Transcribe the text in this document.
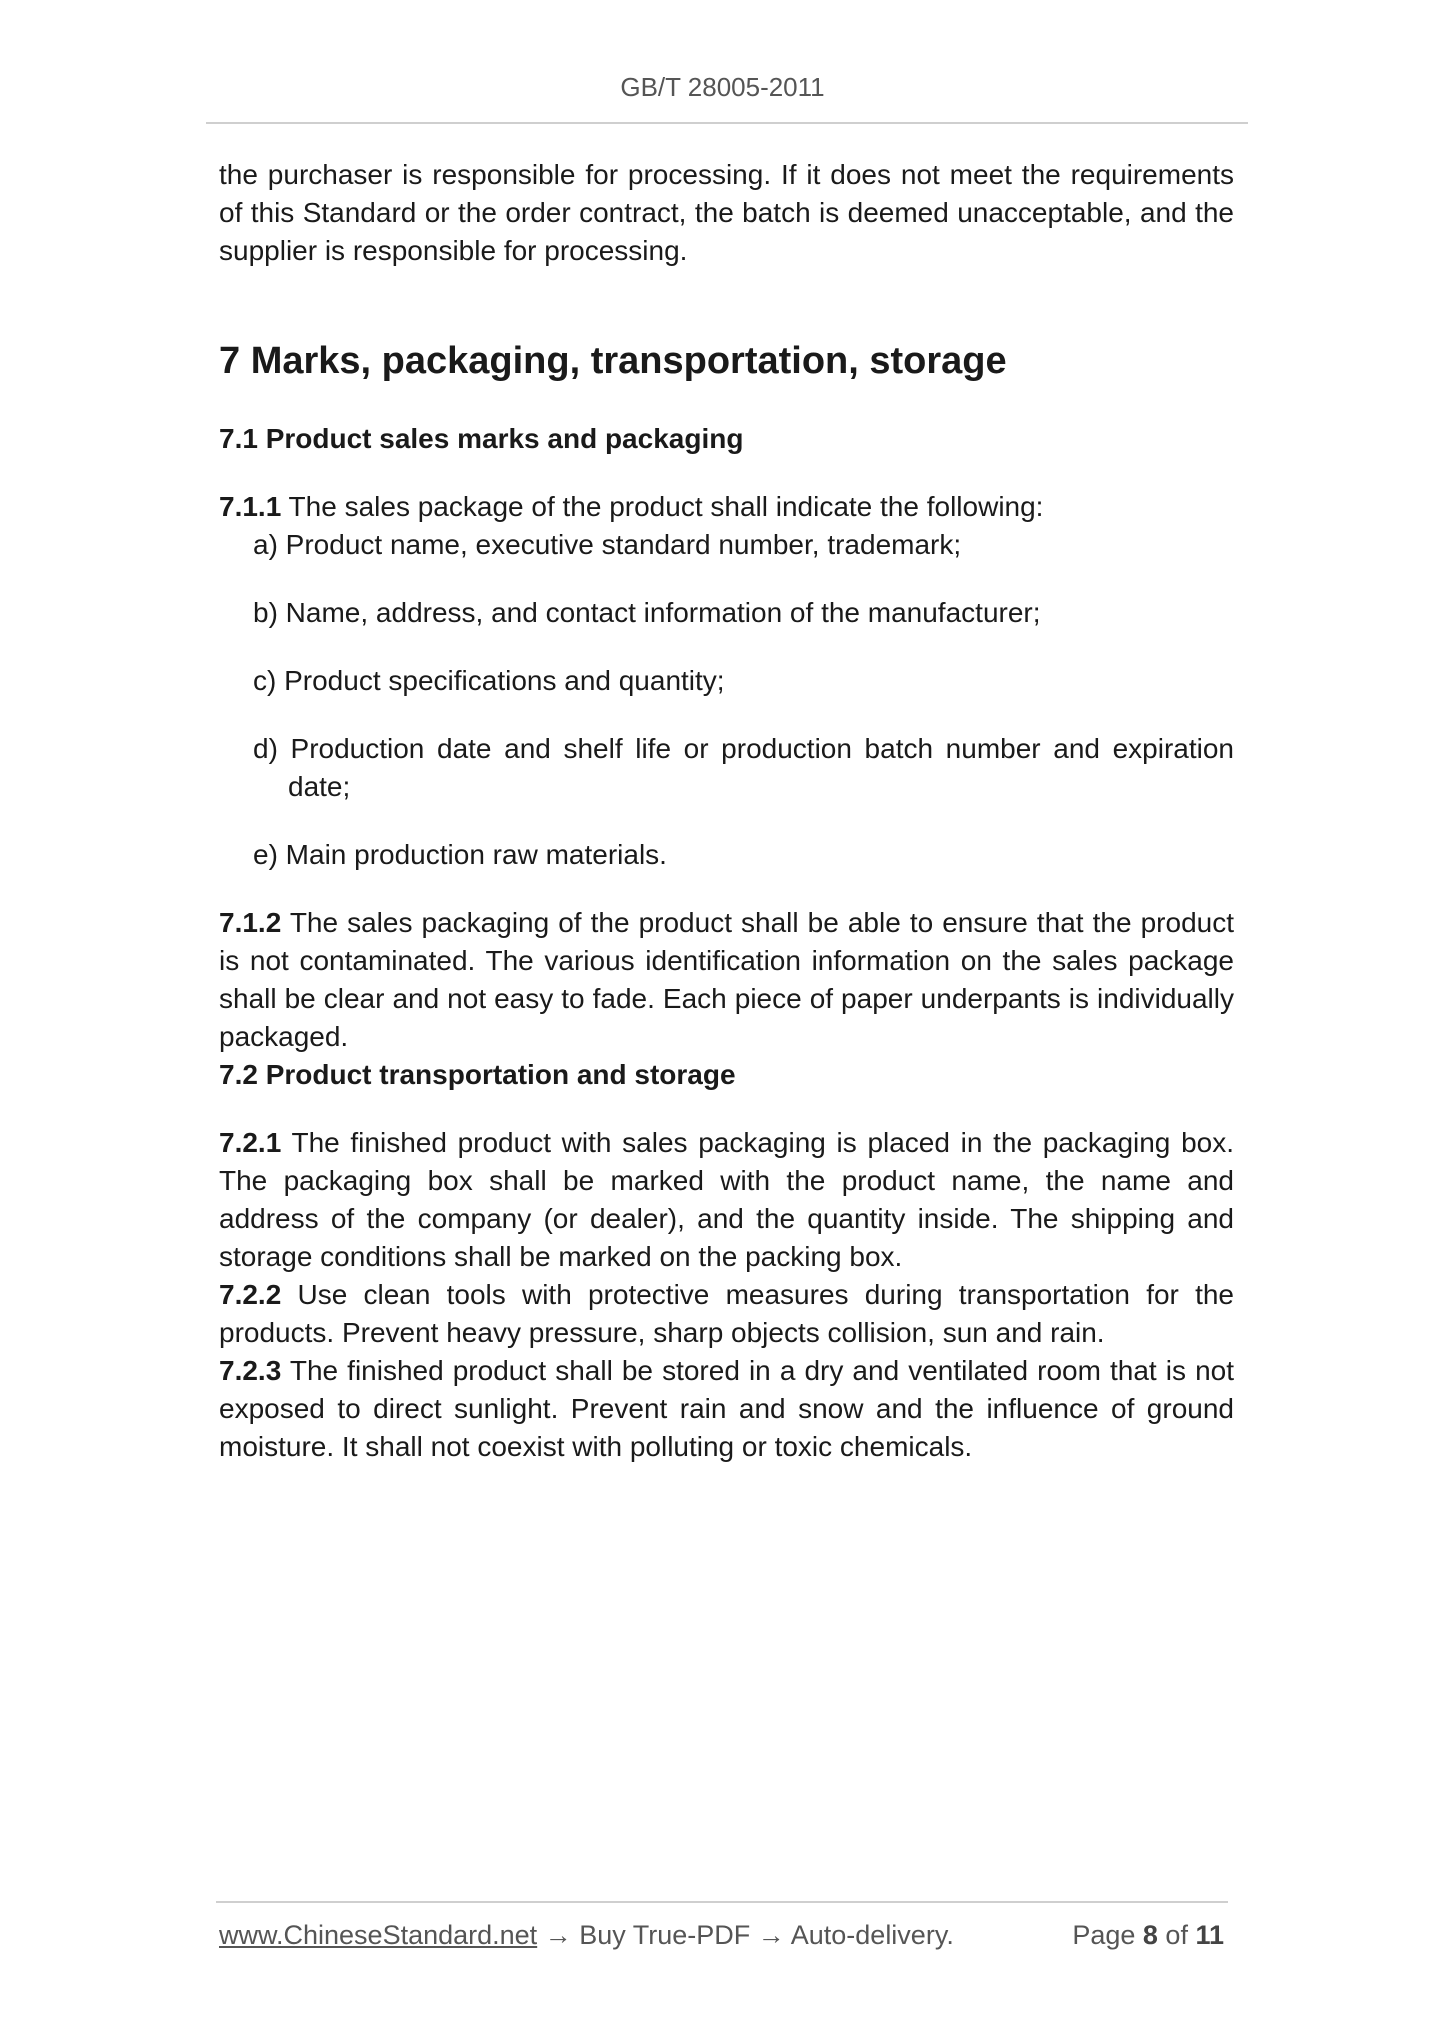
GB/T 28005-2011

the purchaser is responsible for processing. If it does not meet the requirements of this Standard or the order contract, the batch is deemed unacceptable, and the supplier is responsible for processing.

7 Marks, packaging, transportation, storage
7.1 Product sales marks and packaging

7.1.1 The sales package of the product shall indicate the following:

a) Product name, executive standard number, trademark;
b) Name, address, and contact information of the manufacturer;
c) Product specifications and quantity;
d) Production date and shelf life or production batch number and expiration date;
e) Main production raw materials.

7.1.2 The sales packaging of the product shall be able to ensure that the product is not contaminated. The various identification information on the sales package shall be clear and not easy to fade. Each piece of paper underpants is individually packaged.

7.2 Product transportation and storage

7.2.1 The finished product with sales packaging is placed in the packaging box. The packaging box shall be marked with the product name, the name and address of the company (or dealer), and the quantity inside. The shipping and storage conditions shall be marked on the packing box.

7.2.2 Use clean tools with protective measures during transportation for the products. Prevent heavy pressure, sharp objects collision, sun and rain.

7.2.3 The finished product shall be stored in a dry and ventilated room that is not exposed to direct sunlight. Prevent rain and snow and the influence of ground moisture. It shall not coexist with polluting or toxic chemicals.

www.ChineseStandard.net → Buy True-PDF → Auto-delivery.	Page 8 of 11
